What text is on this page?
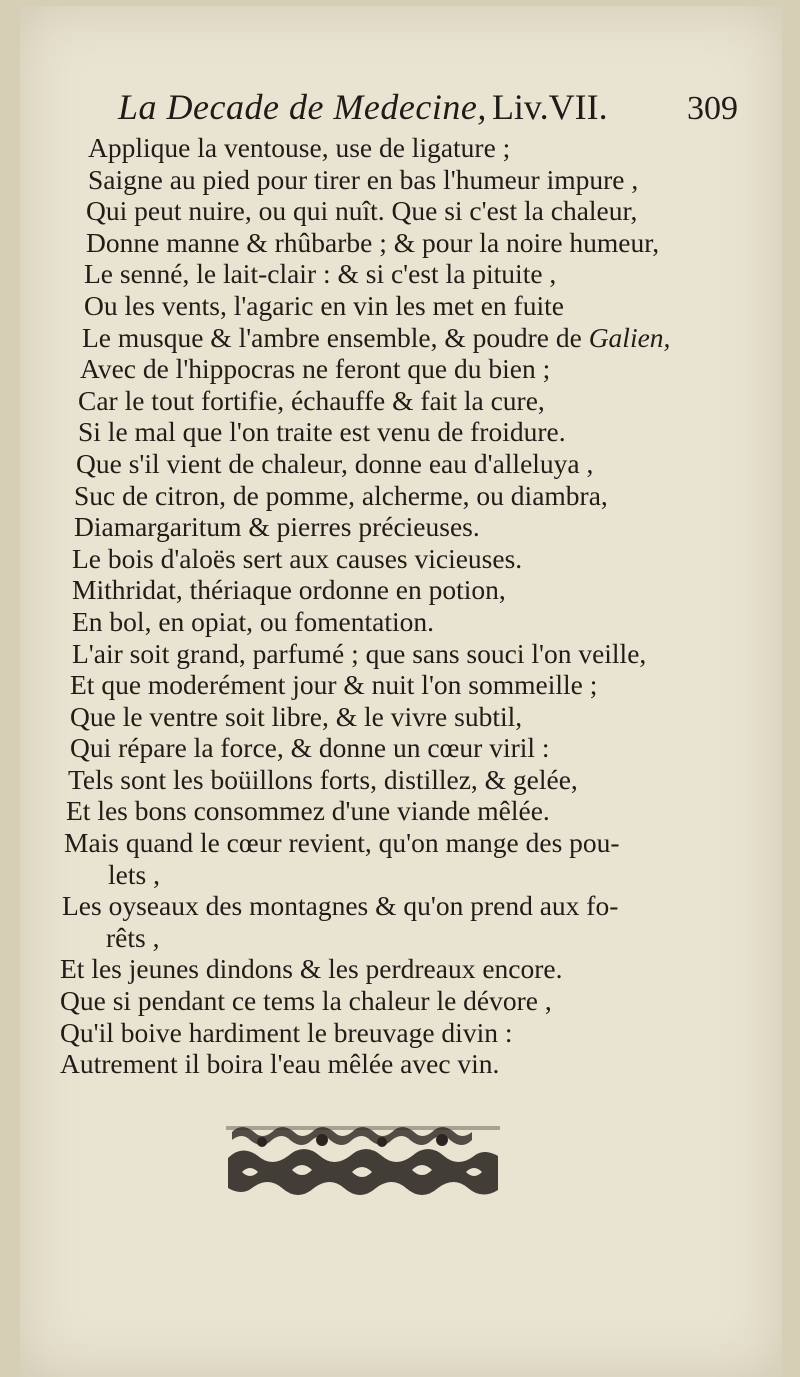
La Decade de Medecine, Liv.VII. 309
Applique la ventouse, use de ligature ;
Saigne au pied pour tirer en bas l'humeur impure ,
Qui peut nuire, ou qui nuît. Que si c'est la chaleur,
Donne manne & rhûbarbe ; & pour la noire humeur,
Le senné, le lait-clair : & si c'est la pituite ,
Ou les vents, l'agaric en vin les met en fuite
Le musque & l'ambre ensemble, & poudre de Galien,
Avec de l'hippocras ne feront que du bien ;
Car le tout fortifie, échauffe & fait la cure,
Si le mal que l'on traite est venu de froidure.
Que s'il vient de chaleur, donne eau d'alleluya ,
Suc de citron, de pomme, alcherme, ou diambra,
Diamargaritum & pierres précieuses.
Le bois d'aloës sert aux causes vicieuses.
Mithridat, thériaque ordonne en potion,
En bol, en opiat, ou fomentation.
L'air soit grand, parfumé ; que sans souci l'on veille,
Et que moderément jour & nuit l'on sommeille ;
Que le ventre soit libre, & le vivre subtil,
Qui répare la force, & donne un cœur viril :
Tels sont les boüillons forts, distillez, & gelée,
Et les bons consommez d'une viande mêlée.
Mais quand le cœur revient, qu'on mange des pou-
lets ,
Les oyseaux des montagnes & qu'on prend aux fo-
rêts ,
Et les jeunes dindons & les perdreaux encore.
Que si pendant ce tems la chaleur le dévore ,
Qu'il boive hardiment le breuvage divin :
Autrement il boira l'eau mêlée avec vin.
